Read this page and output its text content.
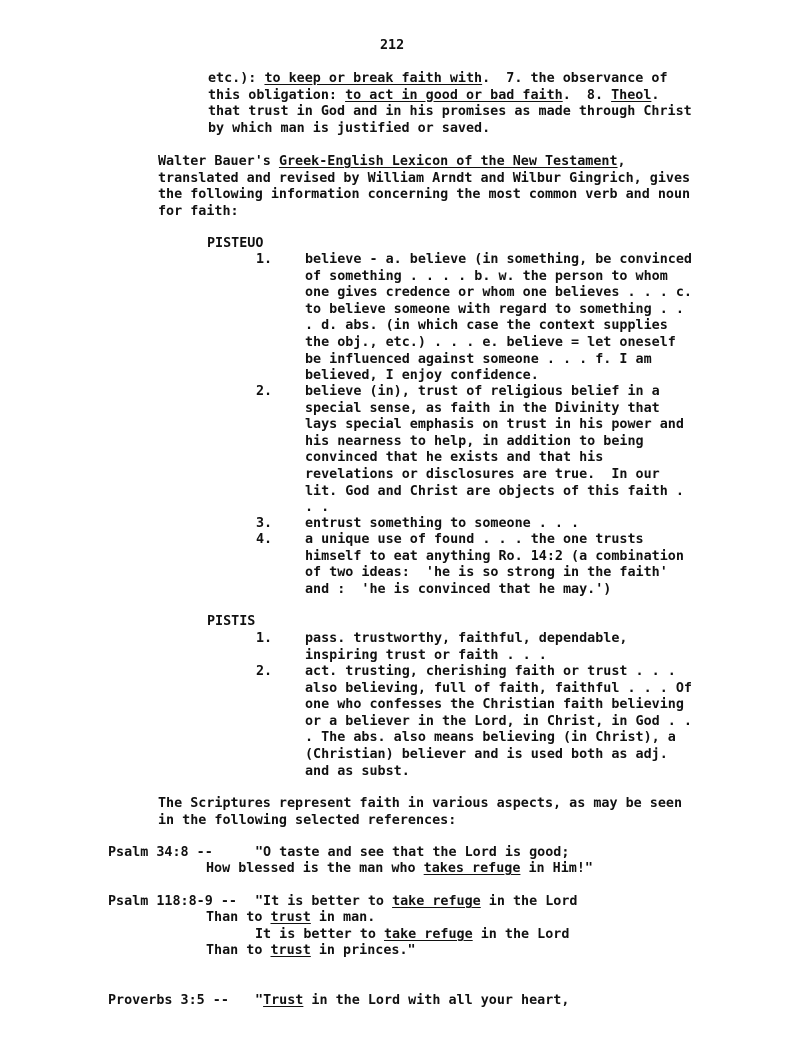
212
etc.): to keep or break faith with.  7. the observance of
this obligation: to act in good or bad faith.  8. Theol.
that trust in God and in his promises as made through Christ
by which man is justified or saved.
Walter Bauer's Greek-English Lexicon of the New Testament,
translated and revised by William Arndt and Wilbur Gingrich, gives
the following information concerning the most common verb and noun
for faith:
PISTEUO
1. believe - a. believe (in something, be convinced
of something . . . . b. w. the person to whom
one gives credence or whom one believes . . . c.
to believe someone with regard to something . .
. d. abs. (in which case the context supplies
the obj., etc.) . . . e. believe = let oneself
be influenced against someone . . . f. I am
believed, I enjoy confidence.
2. believe (in), trust of religious belief in a
special sense, as faith in the Divinity that
lays special emphasis on trust in his power and
his nearness to help, in addition to being
convinced that he exists and that his
revelations or disclosures are true.  In our
lit. God and Christ are objects of this faith .
. .
3. entrust something to someone . . .
4. a unique use of found . . . the one trusts
himself to eat anything Ro. 14:2 (a combination
of two ideas:  'he is so strong in the faith'
and :  'he is convinced that he may.')
PISTIS
1. pass. trustworthy, faithful, dependable,
inspiring trust or faith . . .
2. act. trusting, cherishing faith or trust . . .
also believing, full of faith, faithful . . . Of
one who confesses the Christian faith believing
or a believer in the Lord, in Christ, in God . .
. The abs. also means believing (in Christ), a
(Christian) believer and is used both as adj.
and as subst.
The Scriptures represent faith in various aspects, as may be seen
in the following selected references:
Psalm 34:8 --	"O taste and see that the Lord is good;
How blessed is the man who takes refuge in Him!"
Psalm 118:8-9 -- "It is better to take refuge in the Lord
Than to trust in man.
It is better to take refuge in the Lord
Than to trust in princes."
Proverbs 3:5 -- "Trust in the Lord with all your heart,
